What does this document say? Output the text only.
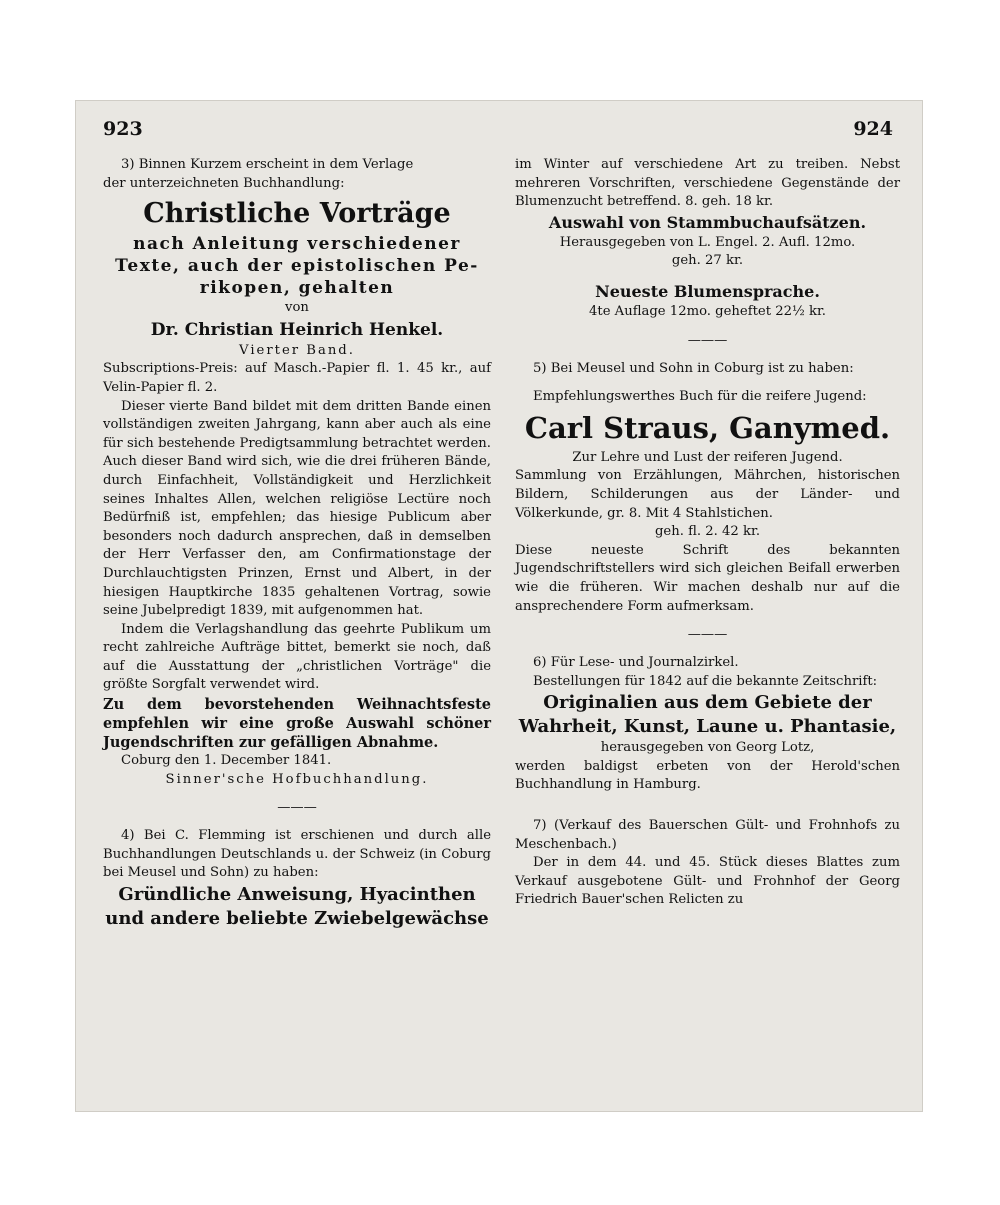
923	924

3) Binnen Kurzem erscheint in dem Verlage

der unterzeichneten Buchhandlung:

Christliche Vorträge
nach Anleitung verschiedener
Texte, auch der epistolischen Pe-
rikopen, gehalten

von

Dr. Christian Heinrich Henkel.

Vierter Band.

Subscriptions-Preis: auf Masch.-Papier fl. 1. 45 kr., auf Velin-Papier fl. 2.

Dieser vierte Band bildet mit dem dritten Bande einen vollständigen zweiten Jahrgang, kann aber auch als eine für sich bestehende Predigtsammlung betrachtet werden. Auch dieser Band wird sich, wie die drei früheren Bände, durch Einfachheit, Vollständigkeit und Herzlichkeit seines Inhaltes Allen, welchen religiöse Lectüre noch Bedürfniß ist, empfehlen; das hiesige Publicum aber besonders noch dadurch ansprechen, daß in demselben der Herr Verfasser den, am Confirmationstage der Durchlauchtigsten Prinzen, Ernst und Albert, in der hiesigen Hauptkirche 1835 gehaltenen Vortrag, sowie seine Jubelpredigt 1839, mit aufgenommen hat.

Indem die Verlagshandlung das geehrte Publikum um recht zahlreiche Aufträge bittet, bemerkt sie noch, daß auf die Ausstattung der „christlichen Vorträge" die größte Sorgfalt verwendet wird.

Zu dem bevorstehenden Weihnachtsfeste empfehlen wir eine große Auswahl schöner Jugendschriften zur gefälligen Abnahme.

Coburg den 1. December 1841.

Sinner'sche Hofbuchhandlung.

———

4) Bei C. Flemming ist erschienen und durch alle Buchhandlungen Deutschlands u. der Schweiz (in Coburg bei Meusel und Sohn) zu haben:

Gründliche Anweisung, Hyacinthen und andere beliebte Zwiebelgewächse

im Winter auf verschiedene Art zu treiben. Nebst mehreren Vorschriften, verschiedene Gegenstände der Blumenzucht betreffend. 8. geh. 18 kr.

Auswahl von Stammbuchaufsätzen.

Herausgegeben von L. Engel. 2. Aufl. 12mo.

geh. 27 kr.

Neueste Blumensprache.

4te Auflage 12mo. geheftet 22½ kr.

———

5) Bei Meusel und Sohn in Coburg ist zu haben:

Empfehlungswerthes Buch für die reifere Jugend:

Carl Straus, Ganymed.

Zur Lehre und Lust der reiferen Jugend.

Sammlung von Erzählungen, Mährchen, historischen Bildern, Schilderungen aus der Länder- und Völkerkunde, gr. 8. Mit 4 Stahlstichen.

geh. fl. 2. 42 kr.

Diese neueste Schrift des bekannten Jugendschriftstellers wird sich gleichen Beifall erwerben wie die früheren. Wir machen deshalb nur auf die ansprechendere Form aufmerksam.

———

6) Für Lese- und Journalzirkel.

Bestellungen für 1842 auf die bekannte Zeitschrift:

Originalien aus dem Gebiete der
Wahrheit, Kunst, Laune u. Phantasie,

herausgegeben von Georg Lotz,

werden baldigst erbeten von der Herold'schen Buchhandlung in Hamburg.

7) (Verkauf des Bauerschen Gült- und Frohnhofs zu Meschenbach.)

Der in dem 44. und 45. Stück dieses Blattes zum Verkauf ausgebotene Gült- und Frohnhof der Georg Friedrich Bauer'schen Relicten zu
